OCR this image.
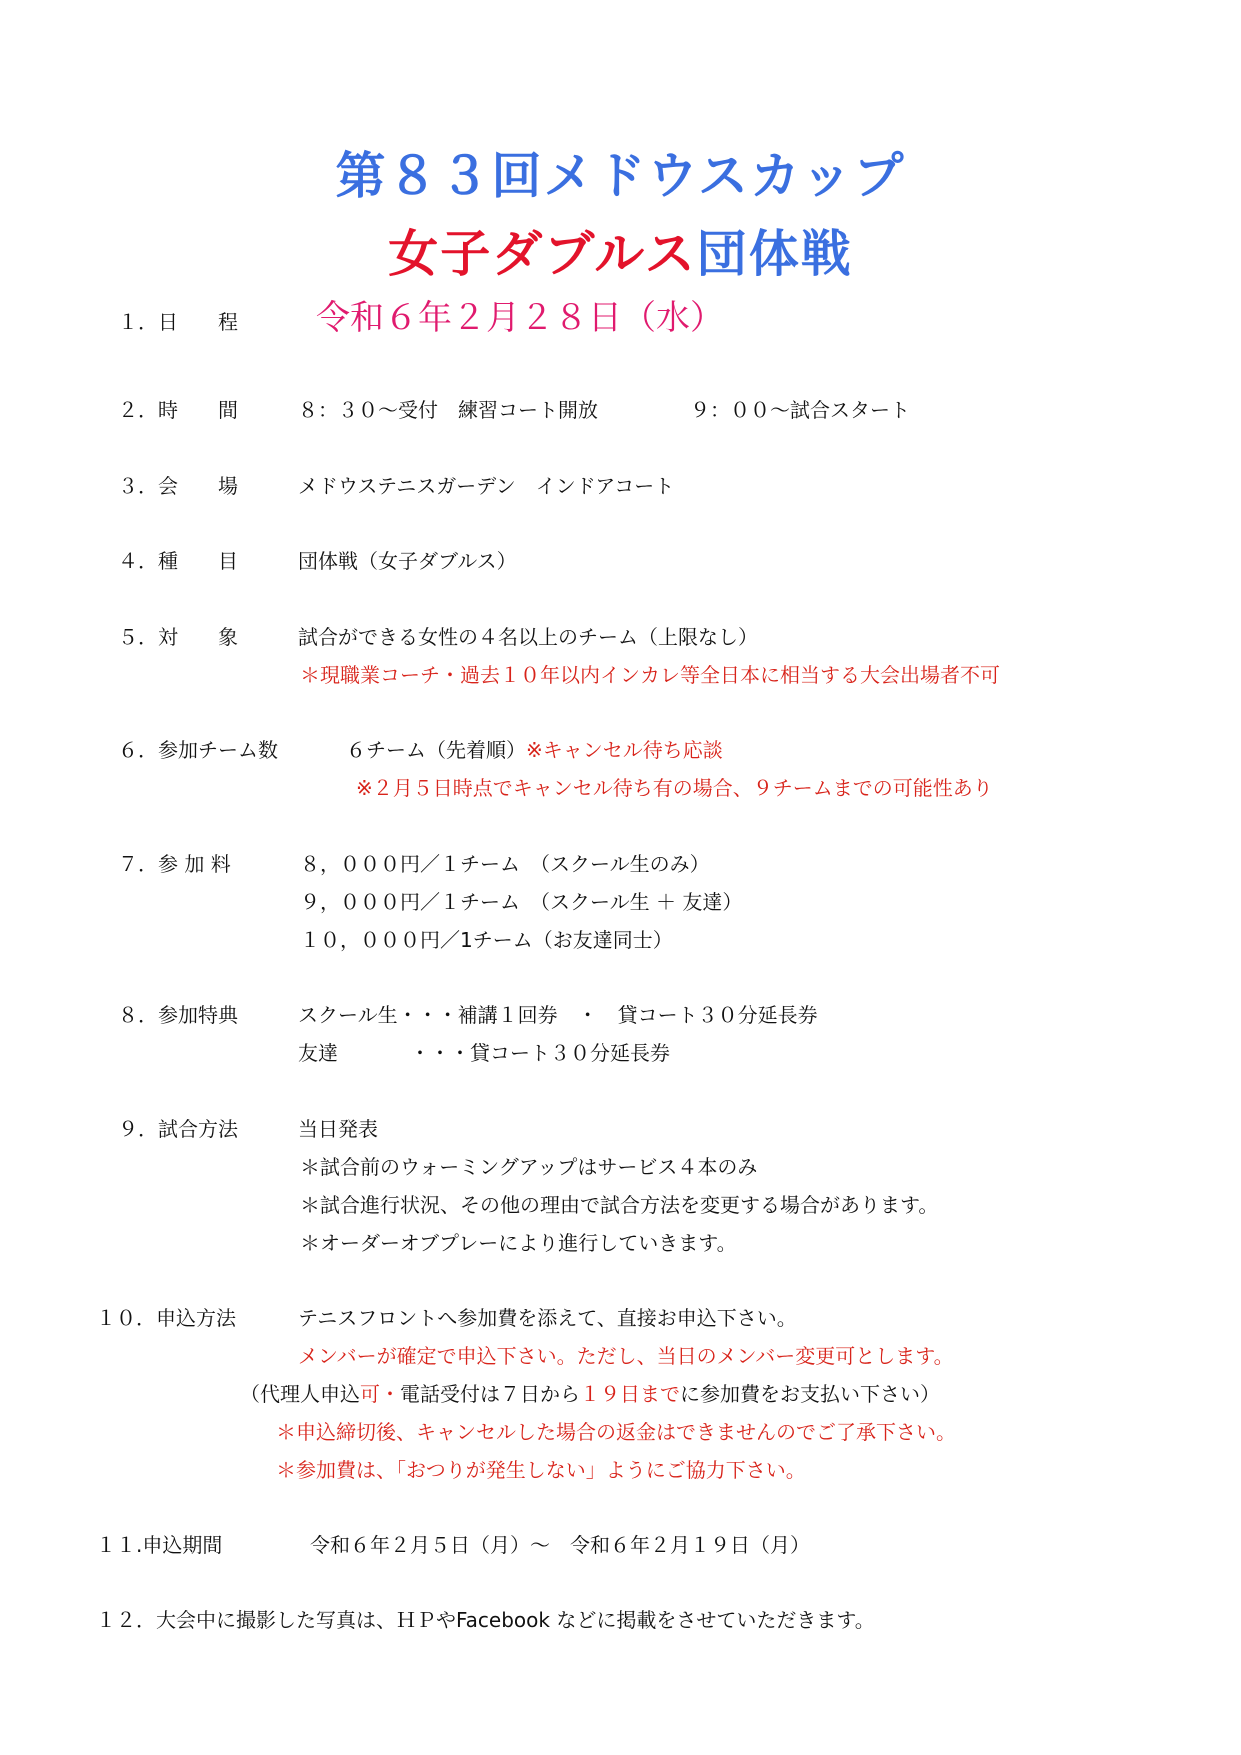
第８３回メドウスカップ
女子ダブルス団体戦
１．日　　程 令和６年２月２８日（水）
２．時　　間	８：３０～受付　練習コート開放	９：００～試合スタート
３．会　　場	メドウステニスガーデン　インドアコート
４．種　　目	団体戦（女子ダブルス）
５．対　　象	試合ができる女性の４名以上のチーム（上限なし）
＊現職業コーチ・過去１０年以内インカレ等全日本に相当する大会出場者不可
６．参加チーム数	６チーム（先着順）※キャンセル待ち応談
※２月５日時点でキャンセル待ち有の場合、９チームまでの可能性あり
７．参 加 料	８，０００円／１チーム　（スクール生のみ）
９，０００円／１チーム　（スクール生 ＋ 友達）
１０，０００円／1チーム（お友達同士）
８．参加特典	スクール生・・・補講１回券　・　貸コート３０分延長券
友達	・・・貸コート３０分延長券
９．試合方法	当日発表
＊試合前のウォーミングアップはサービス４本のみ
＊試合進行状況、その他の理由で試合方法を変更する場合があります。
＊オーダーオブプレーにより進行していきます。
１０．申込方法	テニスフロントへ参加費を添えて、直接お申込下さい。
メンバーが確定で申込下さい。ただし、当日のメンバー変更可とします。
（代理人申込可・電話受付は７日から１９日までに参加費をお支払い下さい）
＊申込締切後、キャンセルした場合の返金はできませんのでご了承下さい。
＊参加費は、「おつりが発生しない」ようにご協力下さい。
１１.申込期間	令和６年２月５日（月）～　令和６年２月１９日（月）
１２．大会中に撮影した写真は、ＨＰやFacebook などに掲載をさせていただきます。
